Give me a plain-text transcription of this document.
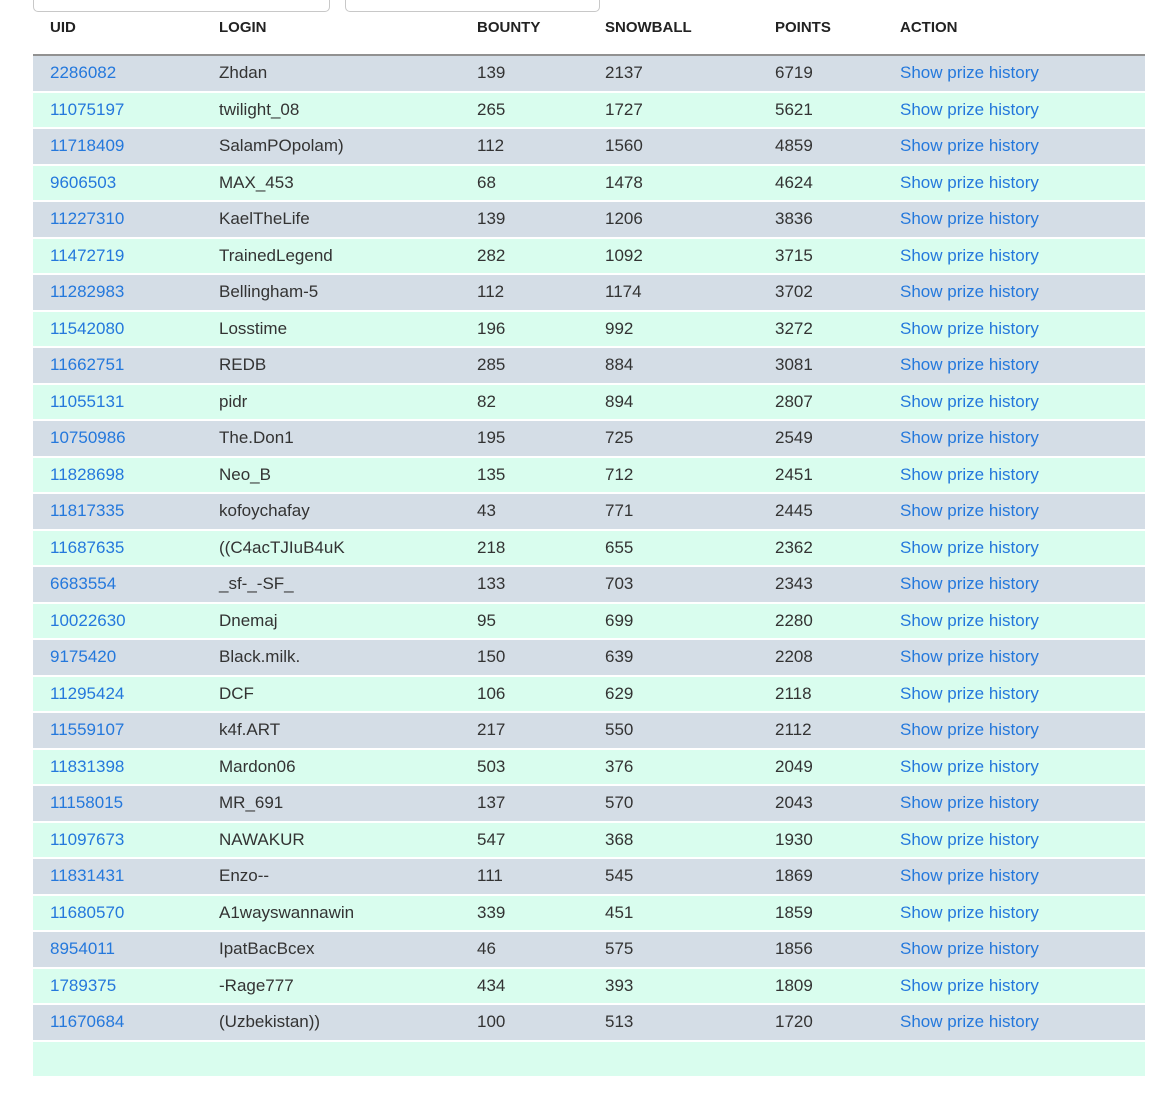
UID	LOGIN	BOUNTY	SNOWBALL	POINTS	ACTION
2286082	Zhdan	139	2137	6719	Show prize history
11075197	twilight_08	265	1727	5621	Show prize history
11718409	SalamPOpolam)	112	1560	4859	Show prize history
9606503	MAX_453	68	1478	4624	Show prize history
11227310	KaelTheLife	139	1206	3836	Show prize history
11472719	TrainedLegend	282	1092	3715	Show prize history
11282983	Bellingham-5	112	1174	3702	Show prize history
11542080	Losstime	196	992	3272	Show prize history
11662751	REDB	285	884	3081	Show prize history
11055131	pidr	82	894	2807	Show prize history
10750986	The.Don1	195	725	2549	Show prize history
11828698	Neo_B	135	712	2451	Show prize history
11817335	kofoychafay	43	771	2445	Show prize history
11687635	((C4acTJIuB4uK	218	655	2362	Show prize history
6683554	_sf-_-SF_	133	703	2343	Show prize history
10022630	Dnemaj	95	699	2280	Show prize history
9175420	Black.milk.	150	639	2208	Show prize history
11295424	DCF	106	629	2118	Show prize history
11559107	k4f.ART	217	550	2112	Show prize history
11831398	Mardon06	503	376	2049	Show prize history
11158015	MR_691	137	570	2043	Show prize history
11097673	NAWAKUR	547	368	1930	Show prize history
11831431	Enzo--	111	545	1869	Show prize history
11680570	A1wayswannawin	339	451	1859	Show prize history
8954011	IpatBacBcex	46	575	1856	Show prize history
1789375	-Rage777	434	393	1809	Show prize history
11670684	(Uzbekistan))	100	513	1720	Show prize history
